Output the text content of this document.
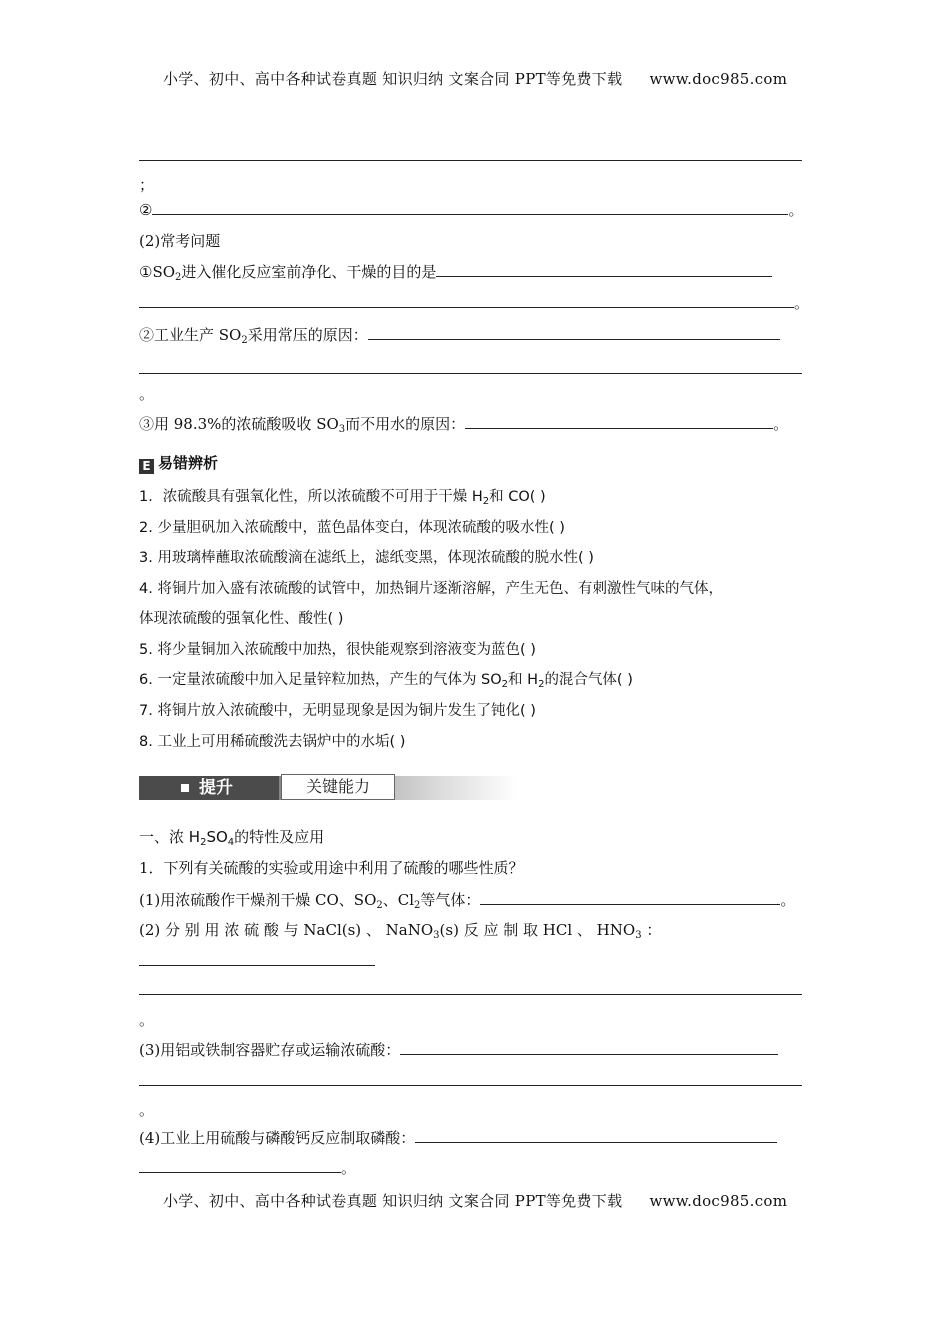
小学、初中、高中各种试卷真题 知识归纳 文案合同 PPT等免费下载 www.doc985.com
；
②	。
(2)常考问题
$①SO_2$进入催化反应室前净化、干燥的目的是
。
②工业生产 $SO_2$采用常压的原因：
。
③用 98.3%的浓硫酸吸收 $SO_3$而不用水的原因：	。
E 易错辨析
1．浓硫酸具有强氧化性，所以浓硫酸不可用于干燥 $H_2$和 CO( )
2. 少量胆矾加入浓硫酸中，蓝色晶体变白，体现浓硫酸的吸水性( )
3. 用玻璃棒蘸取浓硫酸滴在滤纸上，滤纸变黑，体现浓硫酸的脱水性( )
4. 将铜片加入盛有浓硫酸的试管中，加热铜片逐渐溶解，产生无色、有刺激性气味的气体，
体现浓硫酸的强氧化性、酸性( )
5. 将少量铜加入浓硫酸中加热，很快能观察到溶液变为蓝色( )
6. 一定量浓硫酸中加入足量锌粒加热，产生的气体为 $SO_2$和 $H_2$的混合气体( )
7. 将铜片放入浓硫酸中，无明显现象是因为铜片发生了钝化( )
8. 工业上可用稀硫酸洗去锅炉中的水垢( )
提升	关键能力
一、浓 $H_2SO_4$的特性及应用
1．下列有关硫酸的实验或用途中利用了硫酸的哪些性质？
(1)用浓硫酸作干燥剂干燥 CO、$SO_2$、$Cl_2$等气体：	。
(2) 分 别 用 浓 硫 酸 与 NaCl(s) 、 NaNO$_3$(s) 反 应 制 取 HCl 、 $HNO_3$ ：
。
(3)用铝或铁制容器贮存或运输浓硫酸：
。
(4)工业上用硫酸与磷酸钙反应制取磷酸：
。
小学、初中、高中各种试卷真题 知识归纳 文案合同 PPT等免费下载 www.doc985.com
